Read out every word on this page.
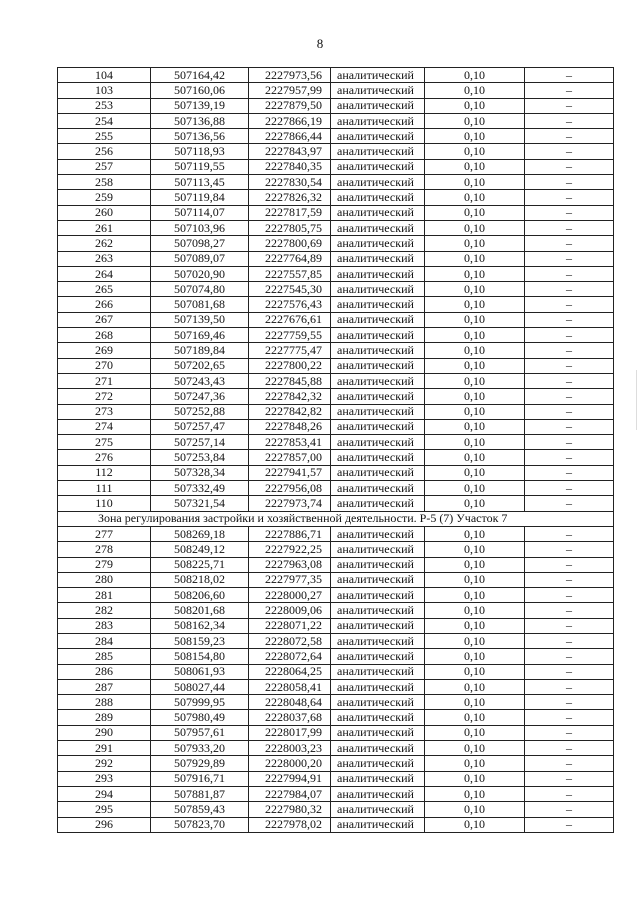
8
104	507164,42	2227973,56	аналитический	0,10	–
103	507160,06	2227957,99	аналитический	0,10	–
253	507139,19	2227879,50	аналитический	0,10	–
254	507136,88	2227866,19	аналитический	0,10	–
255	507136,56	2227866,44	аналитический	0,10	–
256	507118,93	2227843,97	аналитический	0,10	–
257	507119,55	2227840,35	аналитический	0,10	–
258	507113,45	2227830,54	аналитический	0,10	–
259	507119,84	2227826,32	аналитический	0,10	–
260	507114,07	2227817,59	аналитический	0,10	–
261	507103,96	2227805,75	аналитический	0,10	–
262	507098,27	2227800,69	аналитический	0,10	–
263	507089,07	2227764,89	аналитический	0,10	–
264	507020,90	2227557,85	аналитический	0,10	–
265	507074,80	2227545,30	аналитический	0,10	–
266	507081,68	2227576,43	аналитический	0,10	–
267	507139,50	2227676,61	аналитический	0,10	–
268	507169,46	2227759,55	аналитический	0,10	–
269	507189,84	2227775,47	аналитический	0,10	–
270	507202,65	2227800,22	аналитический	0,10	–
271	507243,43	2227845,88	аналитический	0,10	–
272	507247,36	2227842,32	аналитический	0,10	–
273	507252,88	2227842,82	аналитический	0,10	–
274	507257,47	2227848,26	аналитический	0,10	–
275	507257,14	2227853,41	аналитический	0,10	–
276	507253,84	2227857,00	аналитический	0,10	–
112	507328,34	2227941,57	аналитический	0,10	–
111	507332,49	2227956,08	аналитический	0,10	–
110	507321,54	2227973,74	аналитический	0,10	–
Зона регулирования застройки и хозяйственной деятельности. Р-5 (7) Участок 7					
277	508269,18	2227886,71	аналитический	0,10	–
278	508249,12	2227922,25	аналитический	0,10	–
279	508225,71	2227963,08	аналитический	0,10	–
280	508218,02	2227977,35	аналитический	0,10	–
281	508206,60	2228000,27	аналитический	0,10	–
282	508201,68	2228009,06	аналитический	0,10	–
283	508162,34	2228071,22	аналитический	0,10	–
284	508159,23	2228072,58	аналитический	0,10	–
285	508154,80	2228072,64	аналитический	0,10	–
286	508061,93	2228064,25	аналитический	0,10	–
287	508027,44	2228058,41	аналитический	0,10	–
288	507999,95	2228048,64	аналитический	0,10	–
289	507980,49	2228037,68	аналитический	0,10	–
290	507957,61	2228017,99	аналитический	0,10	–
291	507933,20	2228003,23	аналитический	0,10	–
292	507929,89	2228000,20	аналитический	0,10	–
293	507916,71	2227994,91	аналитический	0,10	–
294	507881,87	2227984,07	аналитический	0,10	–
295	507859,43	2227980,32	аналитический	0,10	–
296	507823,70	2227978,02	аналитический	0,10	–
